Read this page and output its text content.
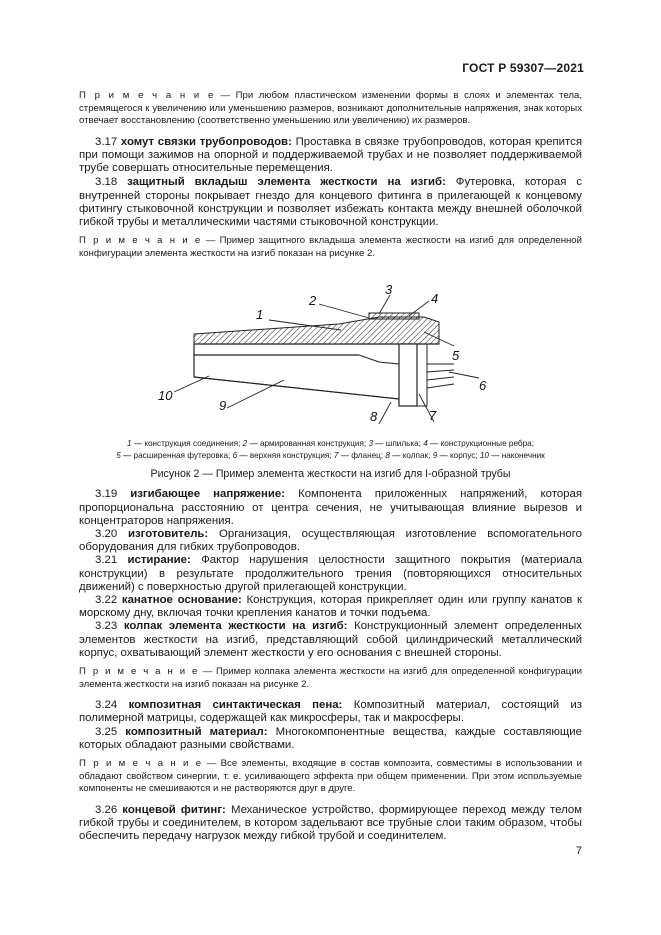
ГОСТ Р 59307—2021

П р и м е ч а н и е — При любом пластическом изменении формы в слоях и элементах тела, стремящегося к увеличению или уменьшению размеров, возникают дополнительные напряжения, знак которых отвечает восстановлению (соответственно уменьшению или увеличению) их размеров.

3.17 хомут связки трубопроводов: Проставка в связке трубопроводов, которая крепится при помощи зажимов на опорной и поддерживаемой трубах и не позволяет поддерживаемой трубе совершать относительные перемещения.

3.18 защитный вкладыш элемента жесткости на изгиб: Футеровка, которая с внутренней стороны покрывает гнездо для концевого фитинга в прилегающей к концевому фитингу стыковочной конструкции и позволяет избежать контакта между внешней оболочкой гибкой трубы и металлическими частями стыковочной конструкции.

П р и м е ч а н и е — Пример защитного вкладыша элемента жесткости на изгиб для определенной конфигурации элемента жесткости на изгиб показан на рисунке 2.

1
2
3
4
5
6
7
8
9
10
1 — конструкция соединения; 2 — армированная конструкция; 3 — шпилька; 4 — конструкционные ребра;
5 — расширенная футеровка; 6 — верхняя конструкция; 7 — фланец; 8 — колпак; 9 — корпус; 10 — наконечник
Рисунок 2 — Пример элемента жесткости на изгиб для I-образной трубы

3.19 изгибающее напряжение: Компонента приложенных напряжений, которая пропорциональна расстоянию от центра сечения, не учитывающая влияние вырезов и концентраторов напряжения.

3.20 изготовитель: Организация, осуществляющая изготовление вспомогательного оборудования для гибких трубопроводов.

3.21 истирание: Фактор нарушения целостности защитного покрытия (материала конструкции) в результате продолжительного трения (повторяющихся относительных движений) с поверхностью другой прилегающей конструкции.

3.22 канатное основание: Конструкция, которая прикрепляет один или группу канатов к морскому дну, включая точки крепления канатов и точки подъема.

3.23 колпак элемента жесткости на изгиб: Конструкционный элемент определенных элементов жесткости на изгиб, представляющий собой цилиндрический металлический корпус, охватывающий элемент жесткости у его основания с внешней стороны.

П р и м е ч а н и е — Пример колпака элемента жесткости на изгиб для определенной конфигурации элемента жесткости на изгиб показан на рисунке 2.

3.24 композитная синтактическая пена: Композитный материал, состоящий из полимерной матрицы, содержащей как микросферы, так и макросферы.

3.25 композитный материал: Многокомпонентные вещества, каждые составляющие которых обладают разными свойствами.

П р и м е ч а н и е — Все элементы, входящие в состав композита, совместимы в использовании и обладают свойством синергии, т. е. усиливающего эффекта при общем применении. При этом используемые компоненты не смешиваются и не растворяются друг в друге.

3.26 концевой фитинг: Механическое устройство, формирующее переход между телом гибкой трубы и соединителем, в котором задельвают все трубные слои таким образом, чтобы обеспечить передачу нагрузок между гибкой трубой и соединителем.

7
